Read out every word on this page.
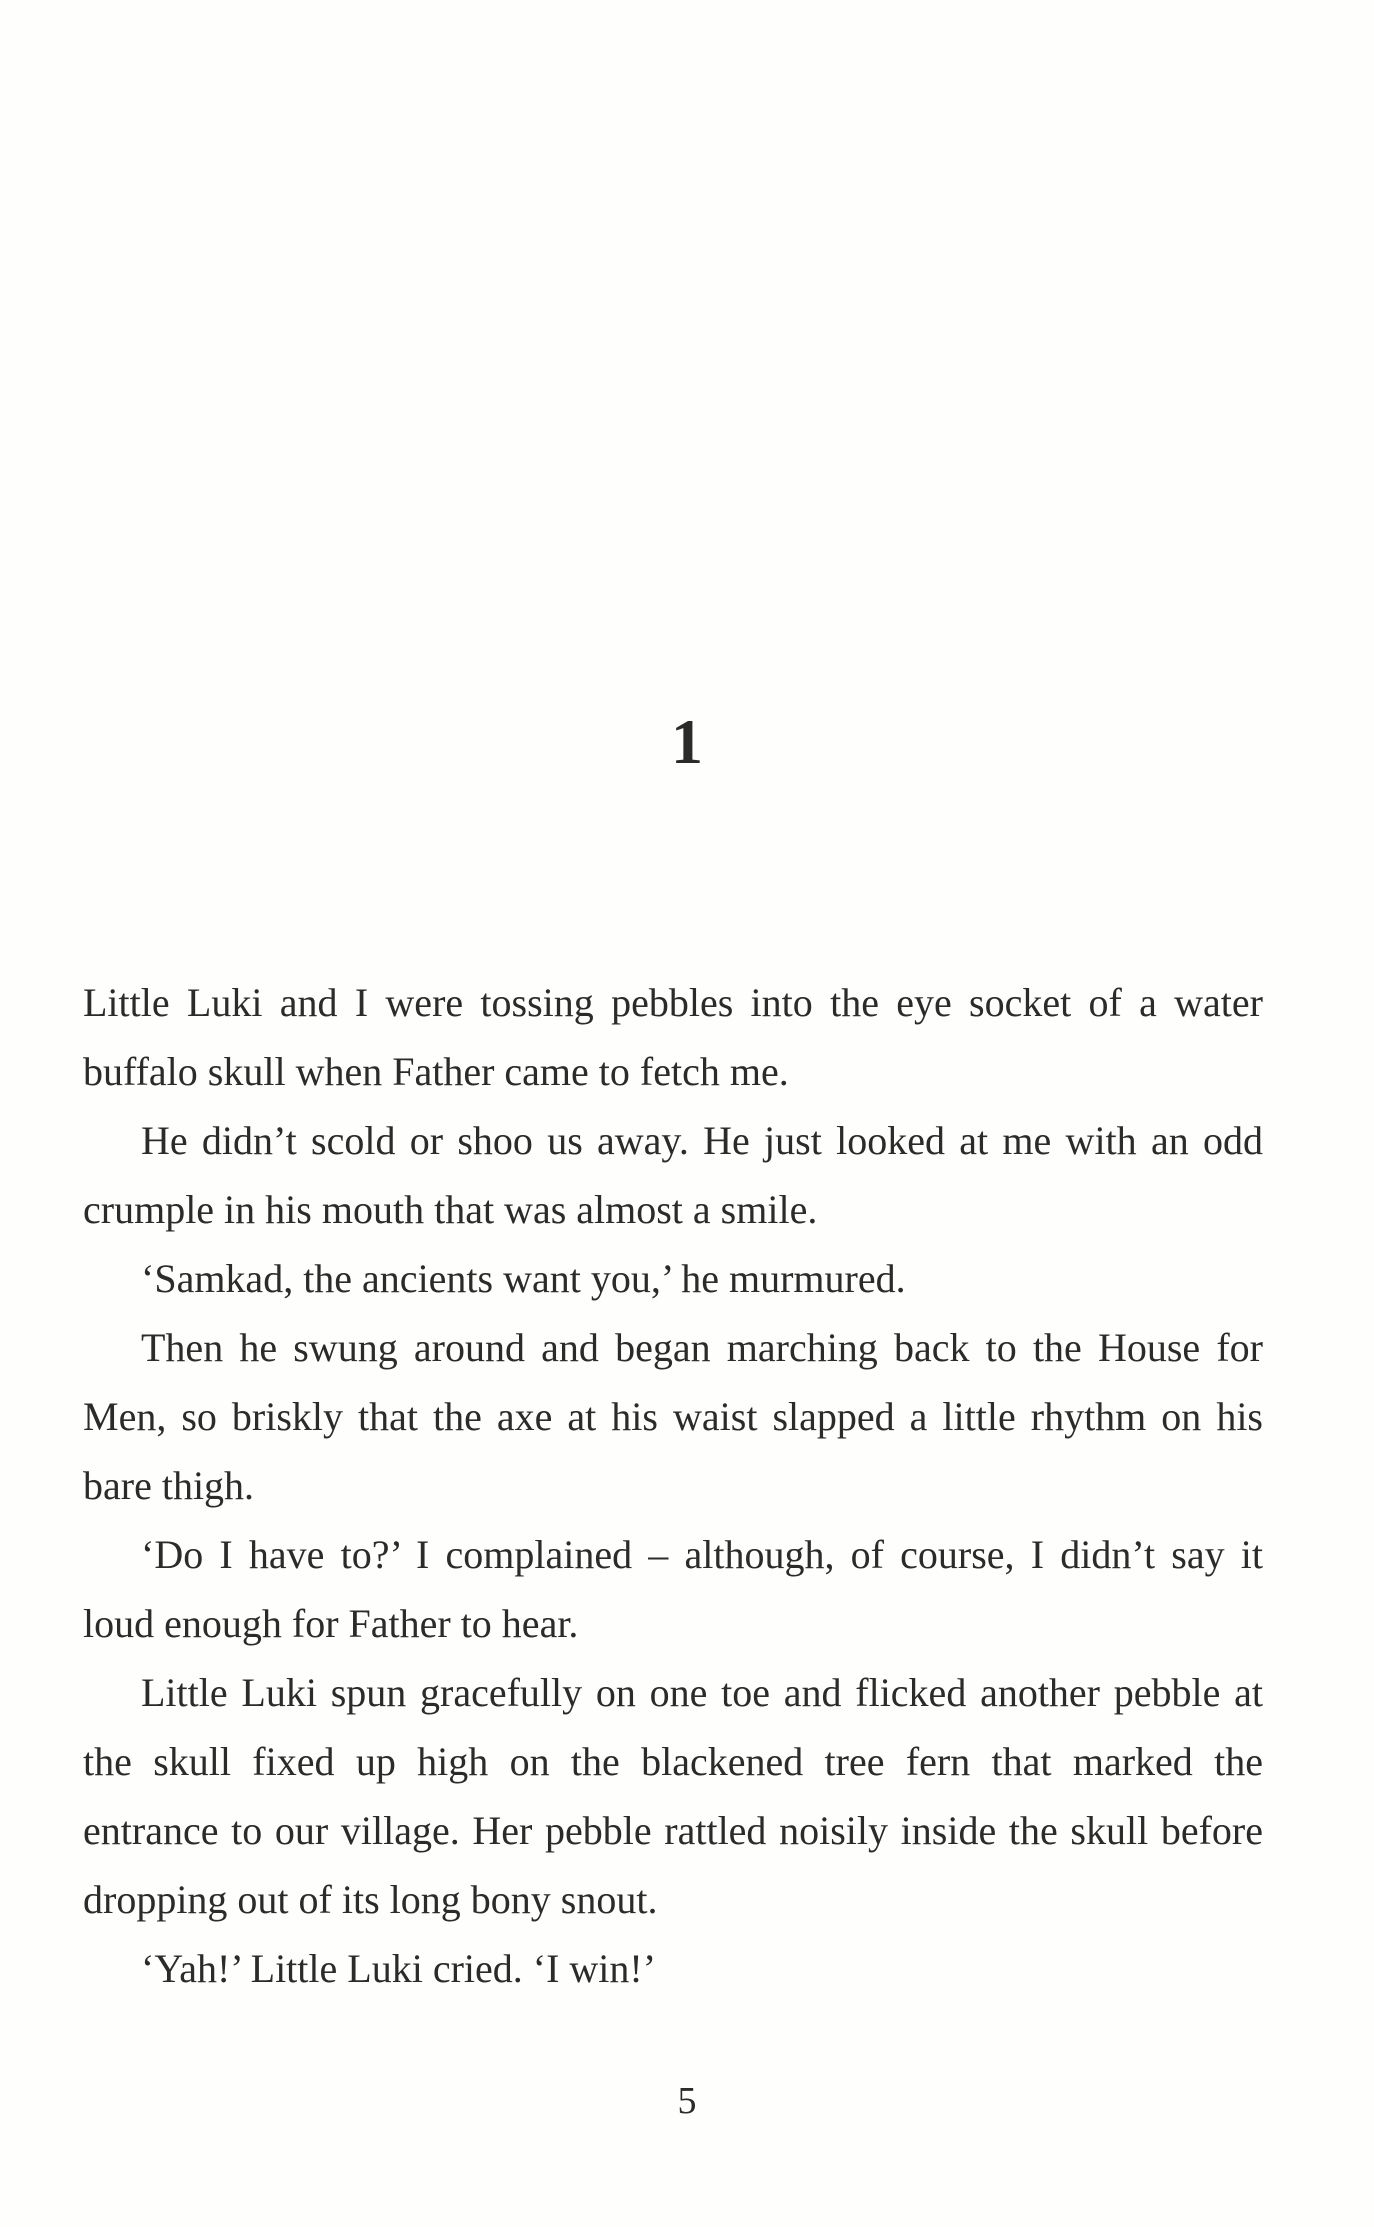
1

Little Luki and I were tossing pebbles into the eye socket of a water buffalo skull when Father came to fetch me.

He didn’t scold or shoo us away. He just looked at me with an odd crumple in his mouth that was almost a smile.

‘Samkad, the ancients want you,’ he murmured.

Then he swung around and began marching back to the House for Men, so briskly that the axe at his waist slapped a little rhythm on his bare thigh.

‘Do I have to?’ I complained – although, of course, I didn’t say it loud enough for Father to hear.

Little Luki spun gracefully on one toe and flicked another pebble at the skull fixed up high on the blackened tree fern that marked the entrance to our village. Her pebble rattled noisily inside the skull before dropping out of its long bony snout.

‘Yah!’ Little Luki cried. ‘I win!’

5
